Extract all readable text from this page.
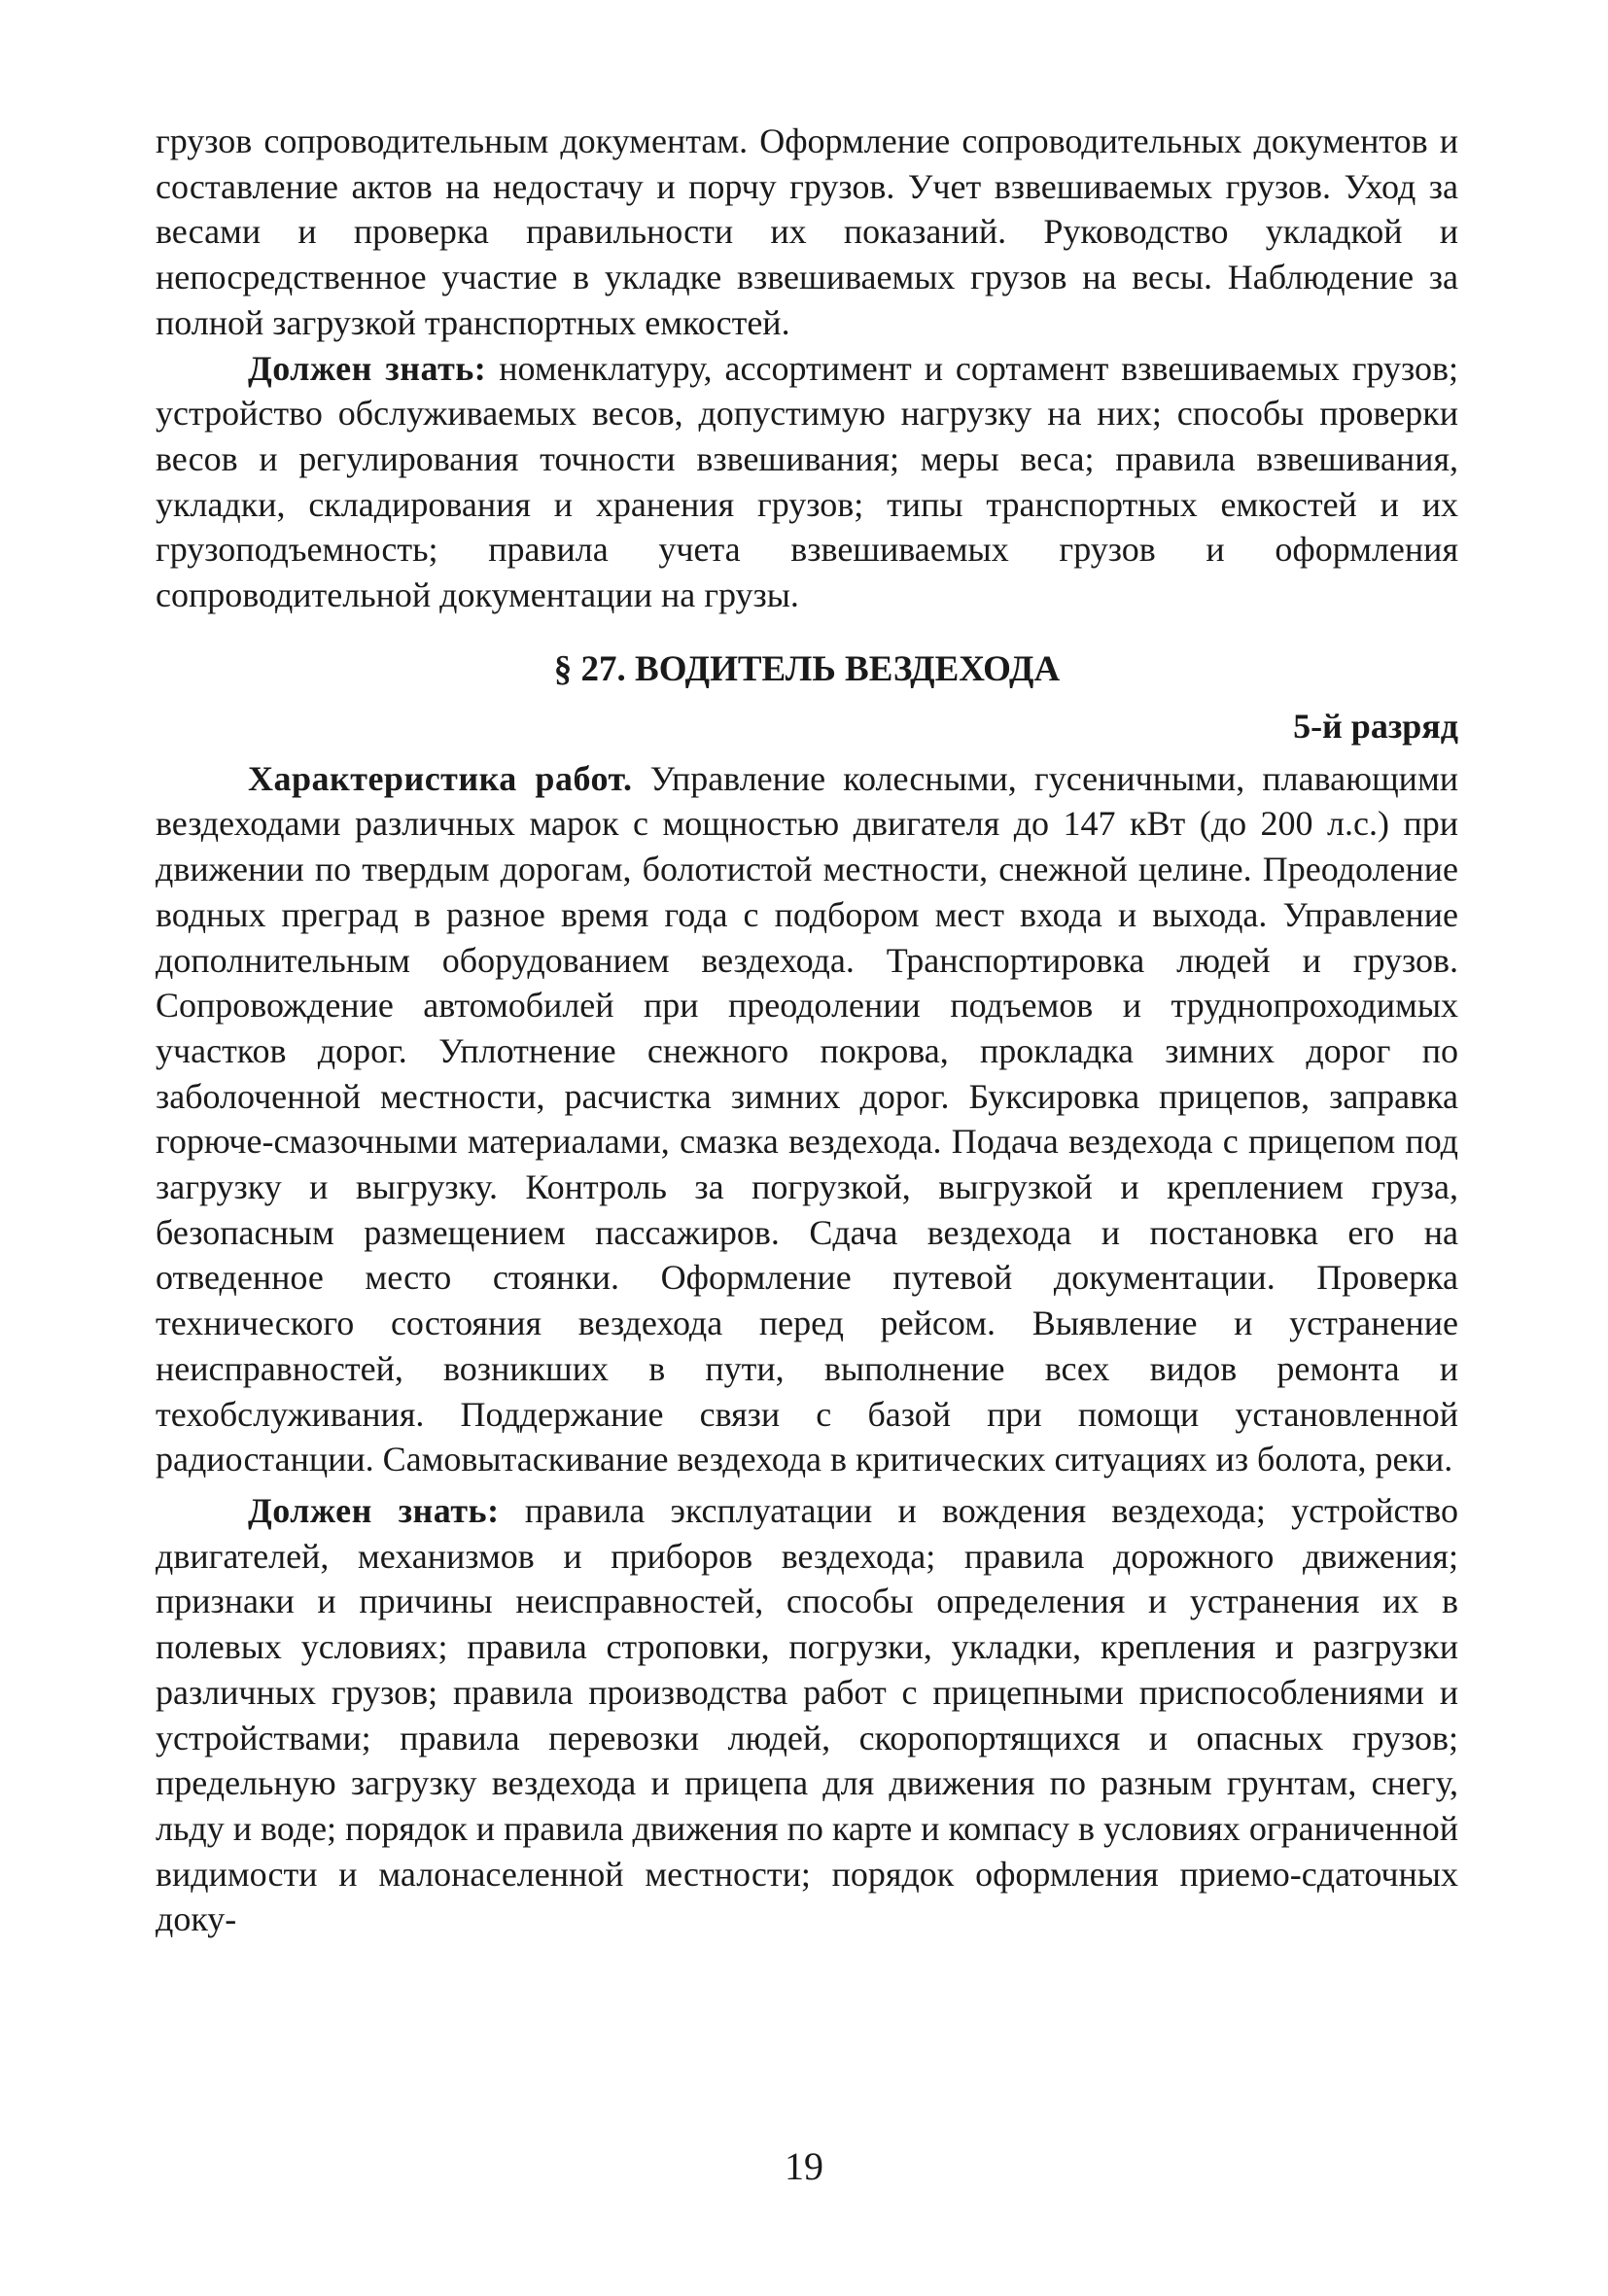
грузов сопроводительным документам. Оформление сопроводительных документов и составление актов на недостачу и порчу грузов. Учет взвешиваемых грузов. Уход за весами и проверка правильности их показаний. Руководство укладкой и непосредственное участие в укладке взвешиваемых грузов на весы. Наблюдение за полной загрузкой транспортных емкостей.

Должен знать: номенклатуру, ассортимент и сортамент взвешиваемых грузов; устройство обслуживаемых весов, допустимую нагрузку на них; способы проверки весов и регулирования точности взвешивания; меры веса; правила взвешивания, укладки, складирования и хранения грузов; типы транспортных емкостей и их грузоподъемность; правила учета взвешиваемых грузов и оформления сопроводительной документации на грузы.

§ 27. ВОДИТЕЛЬ ВЕЗДЕХОДА

5-й разряд

Характеристика работ. Управление колесными, гусеничными, плавающими вездеходами различных марок с мощностью двигателя до 147 кВт (до 200 л.с.) при движении по твердым дорогам, болотистой местности, снежной целине. Преодоление водных преград в разное время года с подбором мест входа и выхода. Управление дополнительным оборудованием вездехода. Транспортировка людей и грузов. Сопровождение автомобилей при преодолении подъемов и труднопроходимых участков дорог. Уплотнение снежного покрова, прокладка зимних дорог по заболоченной местности, расчистка зимних дорог. Буксировка прицепов, заправка горюче-смазочными материалами, смазка вездехода. Подача вездехода с прицепом под загрузку и выгрузку. Контроль за погрузкой, выгрузкой и креплением груза, безопасным размещением пассажиров. Сдача вездехода и постановка его на отведенное место стоянки. Оформление путевой документации. Проверка технического состояния вездехода перед рейсом. Выявление и устранение неисправностей, возникших в пути, выполнение всех видов ремонта и техобслуживания. Поддержание связи с базой при помощи установленной радиостанции. Самовытаскивание вездехода в критических ситуациях из болота, реки.

Должен знать: правила эксплуатации и вождения вездехода; устройство двигателей, механизмов и приборов вездехода; правила дорожного движения; признаки и причины неисправностей, способы определения и устранения их в полевых условиях; правила строповки, погрузки, укладки, крепления и разгрузки различных грузов; правила производства работ с прицепными приспособлениями и устройствами; правила перевозки людей, скоропортящихся и опасных грузов; предельную загрузку вездехода и прицепа для движения по разным грунтам, снегу, льду и воде; порядок и правила движения по карте и компасу в условиях ограниченной видимости и малонаселенной местности; порядок оформления приемо-сдаточных доку-

19
